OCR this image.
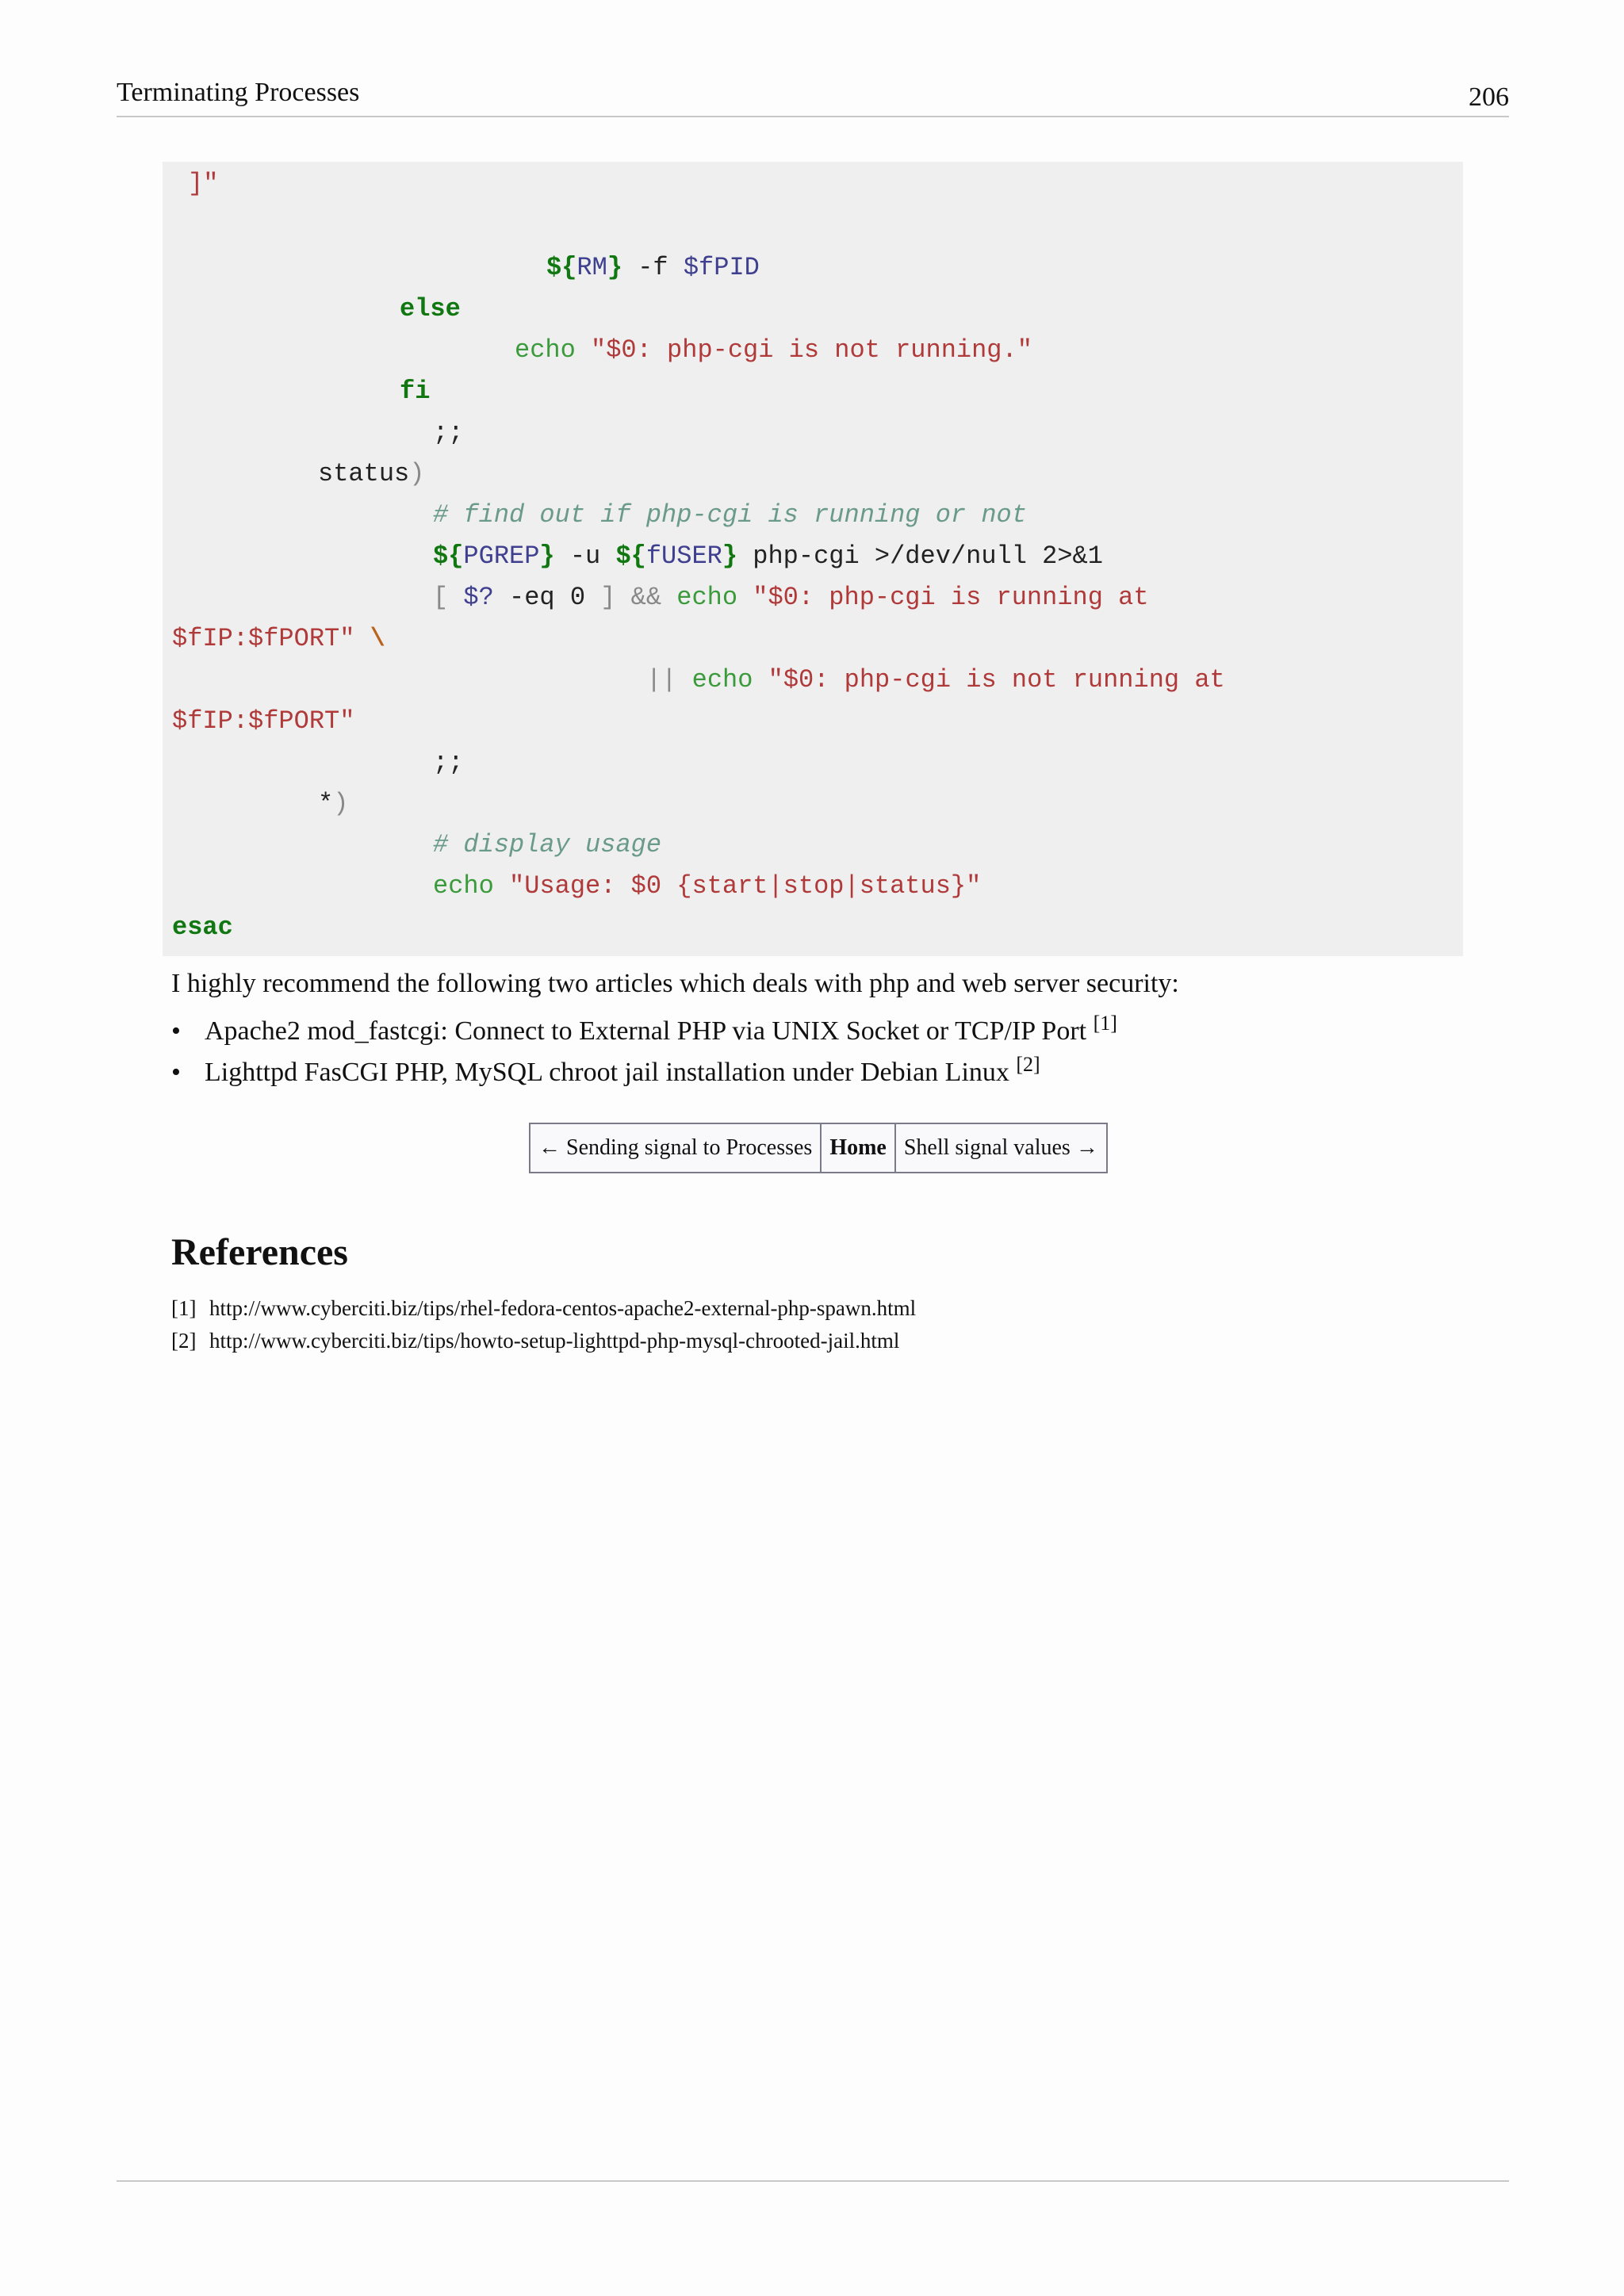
Terminating Processes	206
]"
${RM} -f $fPID
else
echo "$0: php-cgi is not running."
fi
;;
status)
# find out if php-cgi is running or not
${PGREP} -u ${fUSER} php-cgi >/dev/null 2>&1
[ $? -eq 0 ] && echo "$0: php-cgi is running at
$fIP:$fPORT" \
|| echo "$0: php-cgi is not running at
$fIP:$fPORT"
;;
*)
# display usage
echo "Usage: $0 {start|stop|status}"
esac
I highly recommend the following two articles which deals with php and web server security:
• Apache2 mod_fastcgi: Connect to External PHP via UNIX Socket or TCP/IP Port [1]
• Lighttpd FasCGI PHP, MySQL chroot jail installation under Debian Linux [2]
← Sending signal to Processes	Home	Shell signal values →
References
[1] http://www.cyberciti.biz/tips/rhel-fedora-centos-apache2-external-php-spawn.html
[2] http://www.cyberciti.biz/tips/howto-setup-lighttpd-php-mysql-chrooted-jail.html
